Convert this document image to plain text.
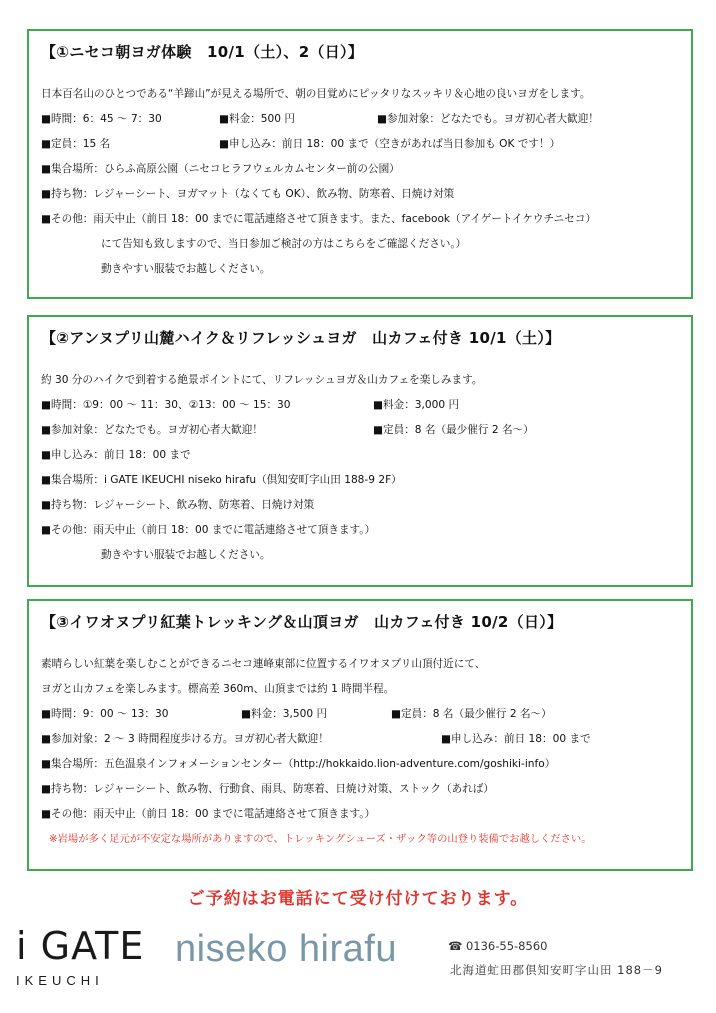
【①ニセコ朝ヨガ体験　10/1（土）、2（日）】
日本百名山のひとつである“羊蹄山”が見える場所で、朝の目覚めにピッタリなスッキリ＆心地の良いヨガをします。
■ 時間：6：45 〜 7：30	■ 料金：500 円	■ 参加対象：どなたでも。ヨガ初心者大歓迎！
■ 定員：15 名	■ 申し込み：前日 18：00 まで（空きがあれば当日参加も OK です！）
■ 集合場所：ひらふ高原公園（ニセコヒラフウェルカムセンター前の公園）
■ 持ち物：レジャーシート、ヨガマット（なくても OK）、飲み物、防寒着、日焼け対策
■ その他：雨天中止（前日 18：00 までに電話連絡させて頂きます。また、facebook（アイゲートイケウチニセコ）
にて告知も致しますので、当日参加ご検討の方はこちらをご確認ください。）
動きやすい服装でお越しください。
【②アンヌプリ山麓ハイク＆リフレッシュヨガ　山カフェ付き 10/1（土）】
約 30 分のハイクで到着する絶景ポイントにて、リフレッシュヨガ＆山カフェを楽しみます。
■ 時間：①9：00 〜 11：30、②13：00 〜 15：30	■ 料金：3,000 円
■ 参加対象：どなたでも。ヨガ初心者大歓迎！	■ 定員：8 名（最少催行 2 名〜）
■ 申し込み：前日 18：00 まで
■ 集合場所：i GATE IKEUCHI niseko hirafu（倶知安町字山田 188-9 2F）
■ 持ち物：レジャーシート、飲み物、防寒着、日焼け対策
■ その他：雨天中止（前日 18：00 までに電話連絡させて頂きます。）
動きやすい服装でお越しください。
【③イワオヌプリ紅葉トレッキング＆山頂ヨガ　山カフェ付き 10/2（日）】
素晴らしい紅葉を楽しむことができるニセコ連峰東部に位置するイワオヌプリ山頂付近にて、
ヨガと山カフェを楽しみます。標高差 360m、山頂までは約 1 時間半程。
■ 時間：9：00 〜 13：30	■ 料金：3,500 円	■ 定員：8 名（最少催行 2 名〜）
■ 参加対象：2 〜 3 時間程度歩ける方。ヨガ初心者大歓迎！	■ 申し込み：前日 18：00 まで
■ 集合場所：五色温泉インフォメーションセンター（http://hokkaido.lion-adventure.com/goshiki-info）
■ 持ち物：レジャーシート、飲み物、行動食、雨具、防寒着、日焼け対策、ストック（あれば）
■ その他：雨天中止（前日 18：00 までに電話連絡させて頂きます。）
※岩場が多く足元が不安定な場所がありますので、トレッキングシューズ・ザック等の山登り装備でお越しください。
ご予約はお電話にて受け付けております。
i GATE
IKEUCHI
niseko hirafu	☎ 0136-55-8560
北海道虻田郡倶知安町字山田 188－9
